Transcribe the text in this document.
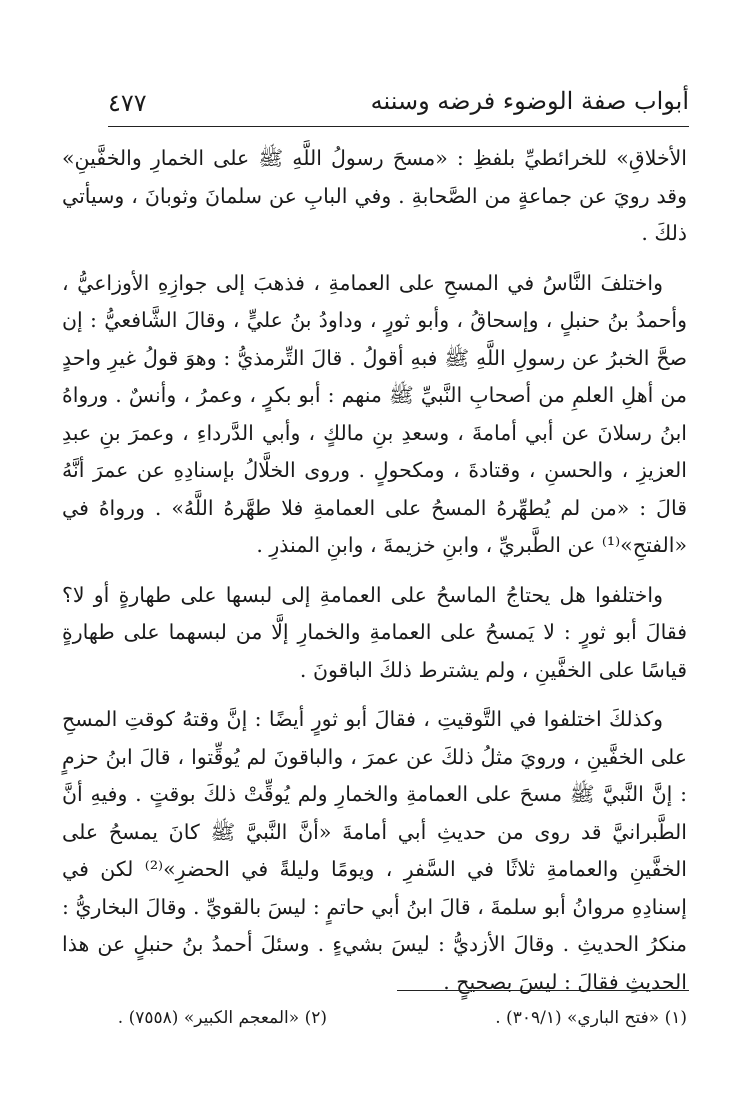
أبواب صفة الوضوء فرضه وسننه
٤٧٧

الأخلاقِ» للخرائطيِّ بلفظِ : «مسحَ رسولُ اللَّهِ ﷺ على الخمارِ والخفَّينِ» وقد رويَ عن جماعةٍ من الصَّحابةِ . وفي البابِ عن سلمانَ وثوبانَ ، وسيأتي ذلكَ .

واختلفَ النَّاسُ في المسحِ على العمامةِ ، فذهبَ إلى جوازِهِ الأوزاعيُّ ، وأحمدُ بنُ حنبلٍ ، وإسحاقُ ، وأبو ثورٍ ، وداودُ بنُ عليٍّ ، وقالَ الشَّافعيُّ : إن صحَّ الخبرُ عن رسولِ اللَّهِ ﷺ فبهِ أقولُ . قالَ التِّرمذيُّ : وهوَ قولُ غيرِ واحدٍ من أهلِ العلمِ من أصحابِ النَّبيِّ ﷺ منهم : أبو بكرٍ ، وعمرُ ، وأنسٌ . ورواهُ ابنُ رسلانَ عن أبي أمامةَ ، وسعدِ بنِ مالكٍ ، وأبي الدَّرداءِ ، وعمرَ بنِ عبدِ العزيزِ ، والحسنِ ، وقتادةَ ، ومكحولٍ . وروى الخلَّالُ بإسنادِهِ عن عمرَ أنَّهُ قالَ : «من لم يُطهِّرهُ المسحُ على العمامةِ فلا طهَّرهُ اللَّهُ» . ورواهُ في «الفتحِ»⁽¹⁾ عن الطَّبريِّ ، وابنِ خزيمةَ ، وابنِ المنذرِ .

واختلفوا هل يحتاجُ الماسحُ على العمامةِ إلى لبسها على طهارةٍ أو لا؟ فقالَ أبو ثورٍ : لا يَمسحُ على العمامةِ والخمارِ إلَّا من لبسهما على طهارةٍ قياسًا على الخفَّينِ ، ولم يشترط ذلكَ الباقونَ .

وكذلكَ اختلفوا في التَّوقيتِ ، فقالَ أبو ثورٍ أيضًا : إنَّ وقتهُ كوقتِ المسحِ على الخفَّينِ ، ورويَ مثلُ ذلكَ عن عمرَ ، والباقونَ لم يُوقِّتوا ، قالَ ابنُ حزمٍ : إنَّ النَّبيَّ ﷺ مسحَ على العمامةِ والخمارِ ولم يُوقِّتْ ذلكَ بوقتٍ . وفيهِ أنَّ الطَّبرانيَّ قد روى من حديثِ أبي أمامةَ «أنَّ النَّبيَّ ﷺ كانَ يمسحُ على الخفَّينِ والعمامةِ ثلاثًا في السَّفرِ ، ويومًا وليلةً في الحضرِ»⁽²⁾ لكن في إسنادِهِ مروانُ أبو سلمةَ ، قالَ ابنُ أبي حاتمٍ : ليسَ بالقويِّ . وقالَ البخاريُّ : منكرُ الحديثِ . وقالَ الأزديُّ : ليسَ بشيءٍ . وسئلَ أحمدُ بنُ حنبلٍ عن هذا الحديثِ فقالَ : ليسَ بصحيحٍ .

(١) «فتح الباري» (٣٠٩/١) .
(٢) «المعجم الكبير» (٧٥٥٨) .
